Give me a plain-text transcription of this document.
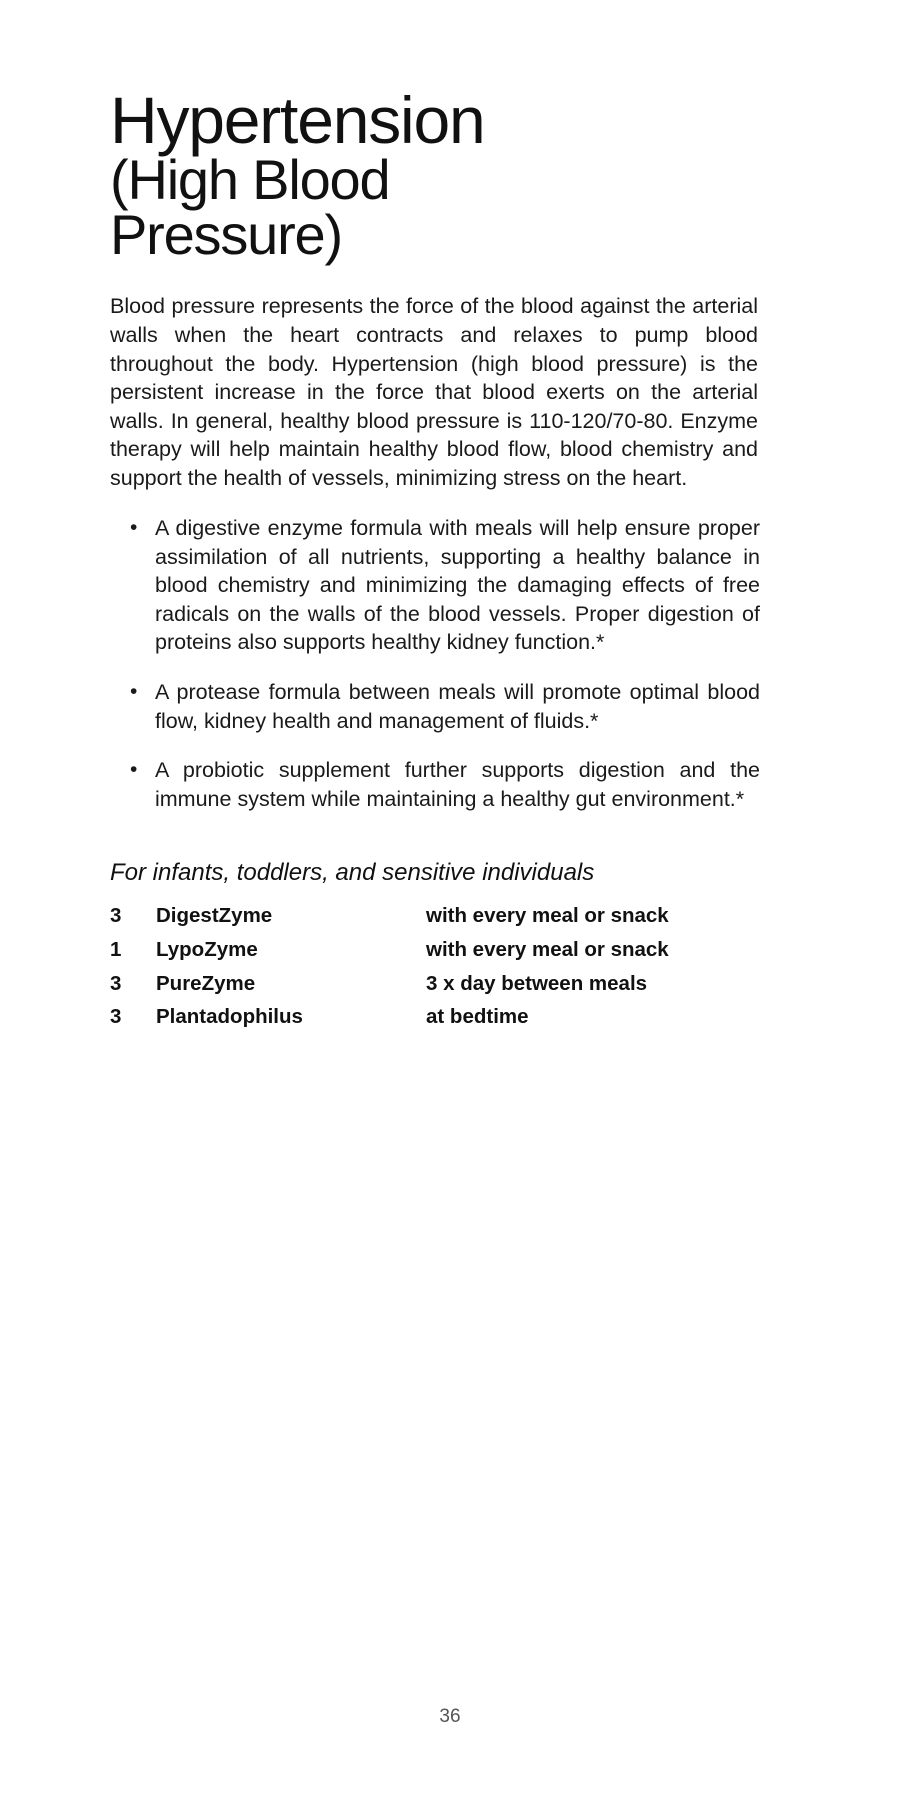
Hypertension
(High Blood
Pressure)

Blood pressure represents the force of the blood against the arterial walls when the heart contracts and relaxes to pump blood throughout the body. Hypertension (high blood pressure) is the persistent increase in the force that blood exerts on the arterial walls. In general, healthy blood pressure is 110-120/70-80. Enzyme therapy will help maintain healthy blood flow, blood chemistry and support the health of vessels, minimizing stress on the heart.

• A digestive enzyme formula with meals will help ensure proper assimilation of all nutrients, supporting a healthy balance in blood chemistry and minimizing the damaging effects of free radicals on the walls of the blood vessels. Proper digestion of proteins also supports healthy kidney function.*
• A protease formula between meals will promote optimal blood flow, kidney health and management of fluids.*
• A probiotic supplement further supports digestion and the immune system while maintaining a healthy gut environment.*
For infants, toddlers, and sensitive individuals
3	DigestZyme	with every meal or snack
1	LypoZyme	with every meal or snack
3	PureZyme	3 x day between meals
3	Plantadophilus	at bedtime
36
